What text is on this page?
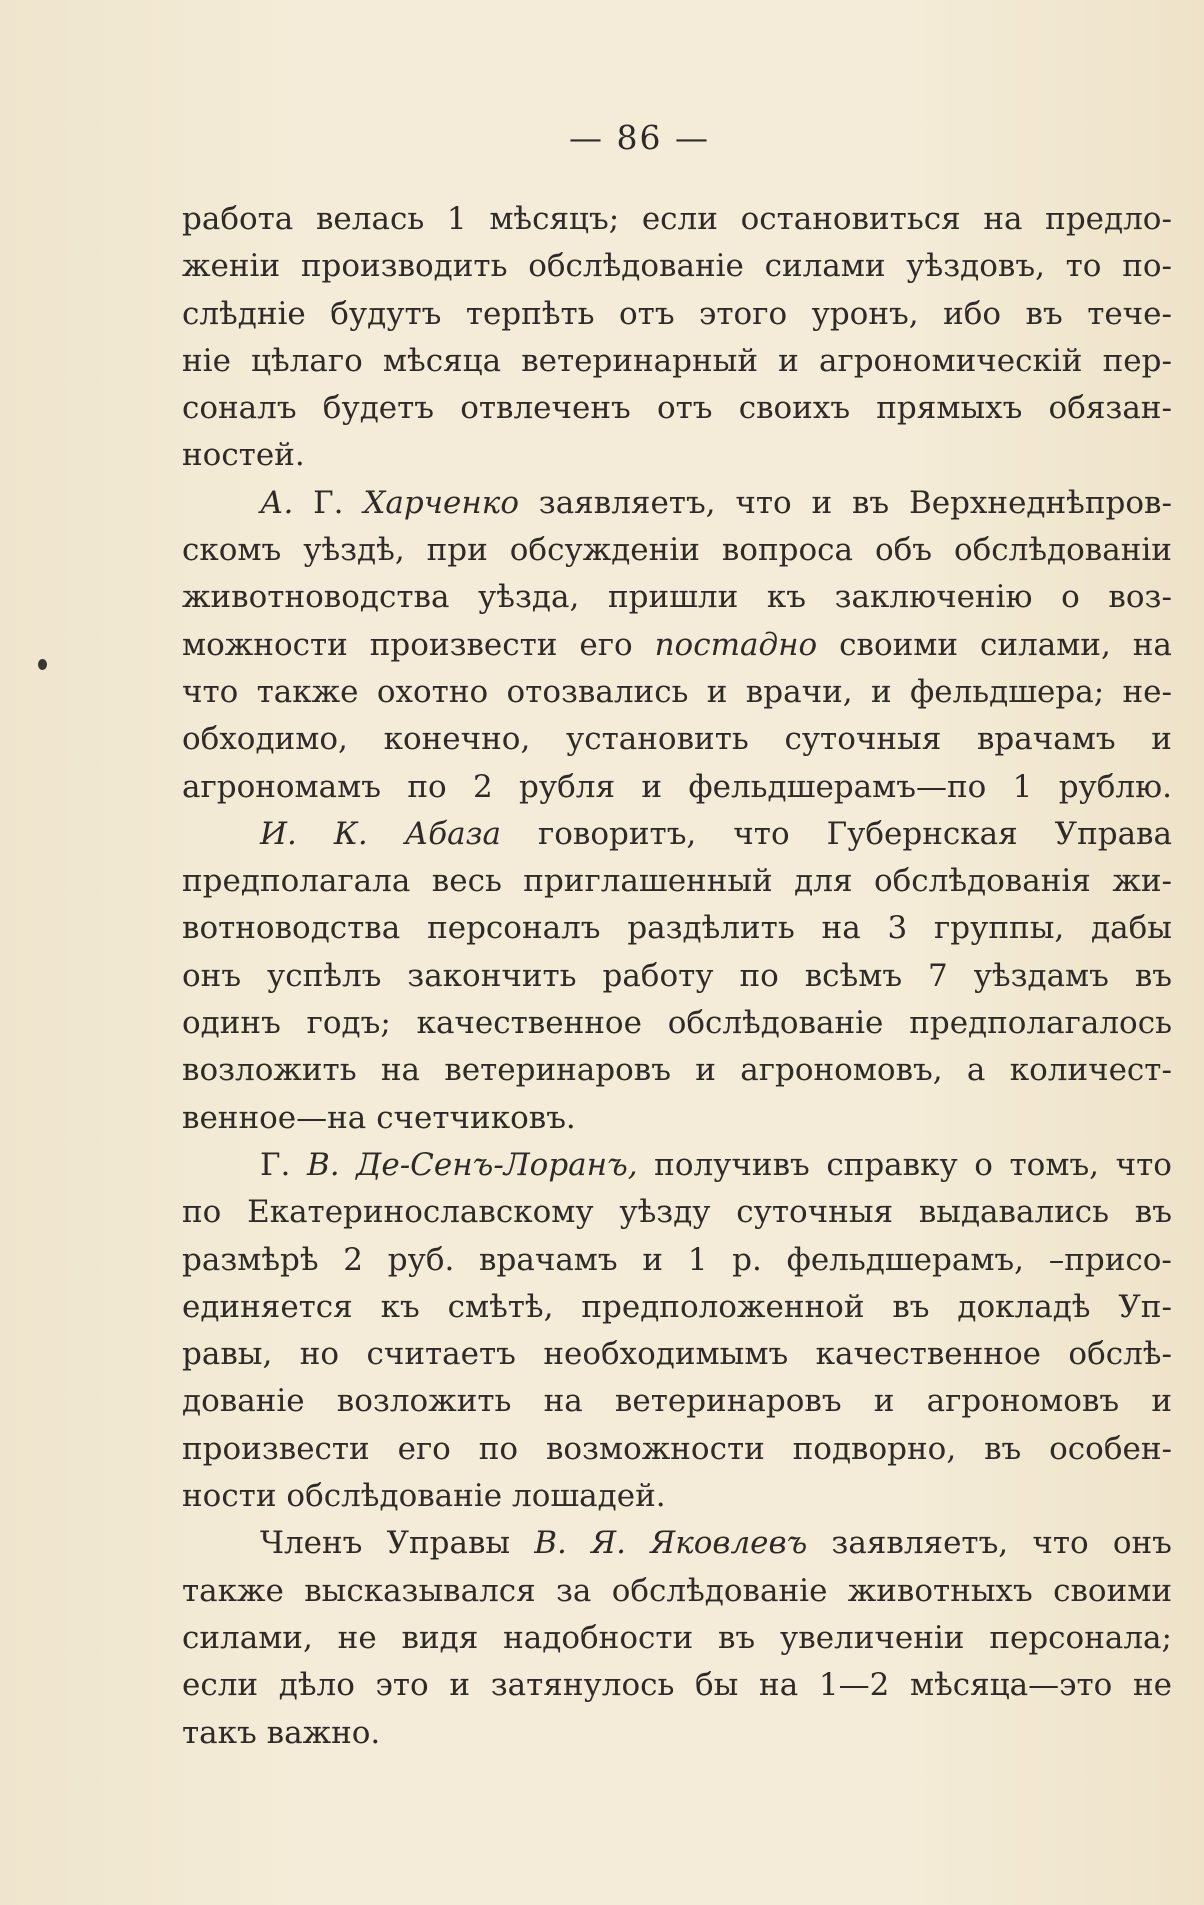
— 86 —
работа велась 1 мѣсяцъ; если остановиться на предло-
женіи производить обслѣдованіе силами уѣздовъ, то по-
слѣдніе будутъ терпѣть отъ этого уронъ, ибо въ тече-
ніе цѣлаго мѣсяца ветеринарный и агрономическій пер-
соналъ будетъ отвлеченъ отъ своихъ прямыхъ обязан-
ностей.
А. Г. Харченко заявляетъ, что и въ Верхнеднѣпров-
скомъ уѣздѣ, при обсужденіи вопроса объ обслѣдованіи
животноводства уѣзда, пришли къ заключенію о воз-
можности произвести его постадно своими силами, на
что также охотно отозвались и врачи, и фельдшера; не-
обходимо, конечно, установить суточныя врачамъ и
агрономамъ по 2 рубля и фельдшерамъ—по 1 рублю.
И. К. Абаза говоритъ, что Губернская Управа
предполагала весь приглашенный для обслѣдованія жи-
вотноводства персоналъ раздѣлить на 3 группы, дабы
онъ успѣлъ закончить работу по всѣмъ 7 уѣздамъ въ
одинъ годъ; качественное обслѣдованіе предполагалось
возложить на ветеринаровъ и агрономовъ, а количест-
венное—на счетчиковъ.
Г. В. Де-Сенъ-Лоранъ, получивъ справку о томъ, что
по Екатеринославскому уѣзду суточныя выдавались въ
размѣрѣ 2 руб. врачамъ и 1 р. фельдшерамъ, –присо-
единяется къ смѣтѣ, предположенной въ докладѣ Уп-
равы, но считаетъ необходимымъ качественное обслѣ-
дованіе возложить на ветеринаровъ и агрономовъ и
произвести его по возможности подворно, въ особен-
ности обслѣдованіе лошадей.
Членъ Управы В. Я. Яковлевъ заявляетъ, что онъ
также высказывался за обслѣдованіе животныхъ своими
силами, не видя надобности въ увеличеніи персонала;
если дѣло это и затянулось бы на 1—2 мѣсяца—это не
такъ важно.
